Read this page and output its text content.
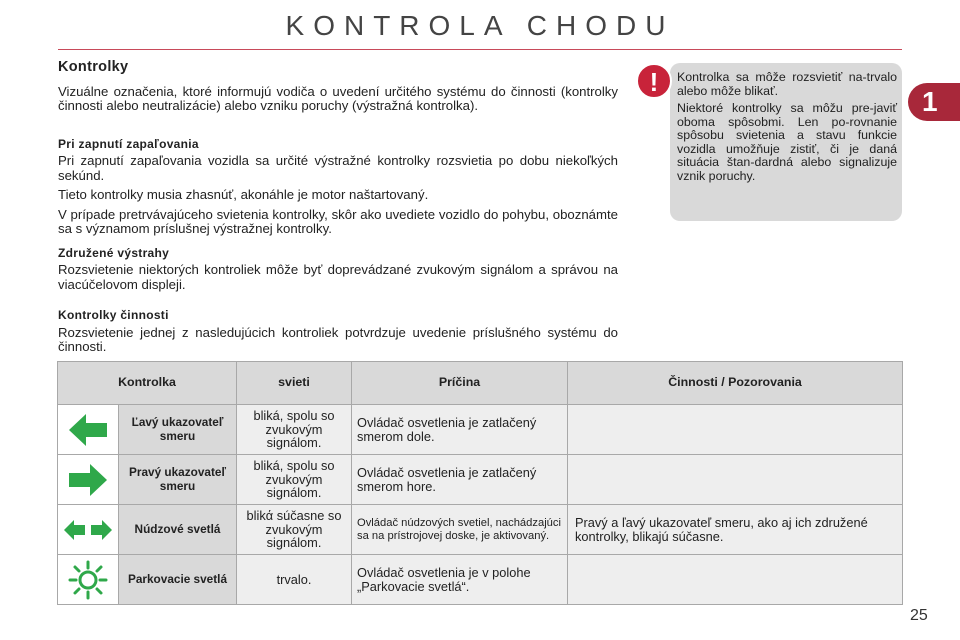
KONTROLA CHODU
1
Kontrolky

Vizuálne označenia, ktoré informujú vodiča o uvedení určitého systému do činnosti (kontrolky činnosti alebo neutralizácie) alebo vzniku poruchy (výstražná kontrolka).

Pri zapnutí zapaľovania

Pri zapnutí zapaľovania vozidla sa určité výstražné kontrolky rozsvietia po dobu niekoľkých sekúnd.

Tieto kontrolky musia zhasnúť, akonáhle je motor naštartovaný.

V prípade pretrvávajúceho svietenia kontrolky, skôr ako uvediete vozidlo do pohybu, oboznámte sa s významom príslušnej výstražnej kontrolky.

Združené výstrahy

Rozsvietenie niektorých kontroliek môže byť doprevádzané zvukovým signálom a správou na viacúčelovom displeji.

Kontrolky činnosti

Rozsvietenie jednej z nasledujúcich kontroliek potvrdzuje uvedenie príslušného systému do činnosti.

!	Kontrolka sa môže rozsvietiť na-trvalo alebo môže blikať.

Niektoré kontrolky sa môžu pre-javiť oboma spôsobmi. Len po-rovnanie spôsobu svietenia a stavu funkcie vozidla umožňuje zistiť, či je daná situácia štan-dardná alebo signalizuje vznik poruchy.

Kontrolka		svieti	Príčina	Činnosti / Pozorovania

	Ľavý ukazovateľ smeru	bliká, spolu so zvukovým signálom.	Ovládač osvetlenia je zatlačený smerom dole.	

	Pravý ukazovateľ smeru	bliká, spolu so zvukovým signálom.	Ovládač osvetlenia je zatlačený smerom hore.	

	Núdzové svetlá	blikά súčasne so zvukovým signálom.	Ovládač núdzových svetiel, nachádzajúci sa na prístrojovej doske, je aktivovaný.	Pravý a ľavý ukazovateľ smeru, ako aj ich združené kontrolky, blikajú súčasne.

	Parkovacie svetlá	trvalo.	Ovládač osvetlenia je v polohe „Parkovacie svetlá“.	
25
